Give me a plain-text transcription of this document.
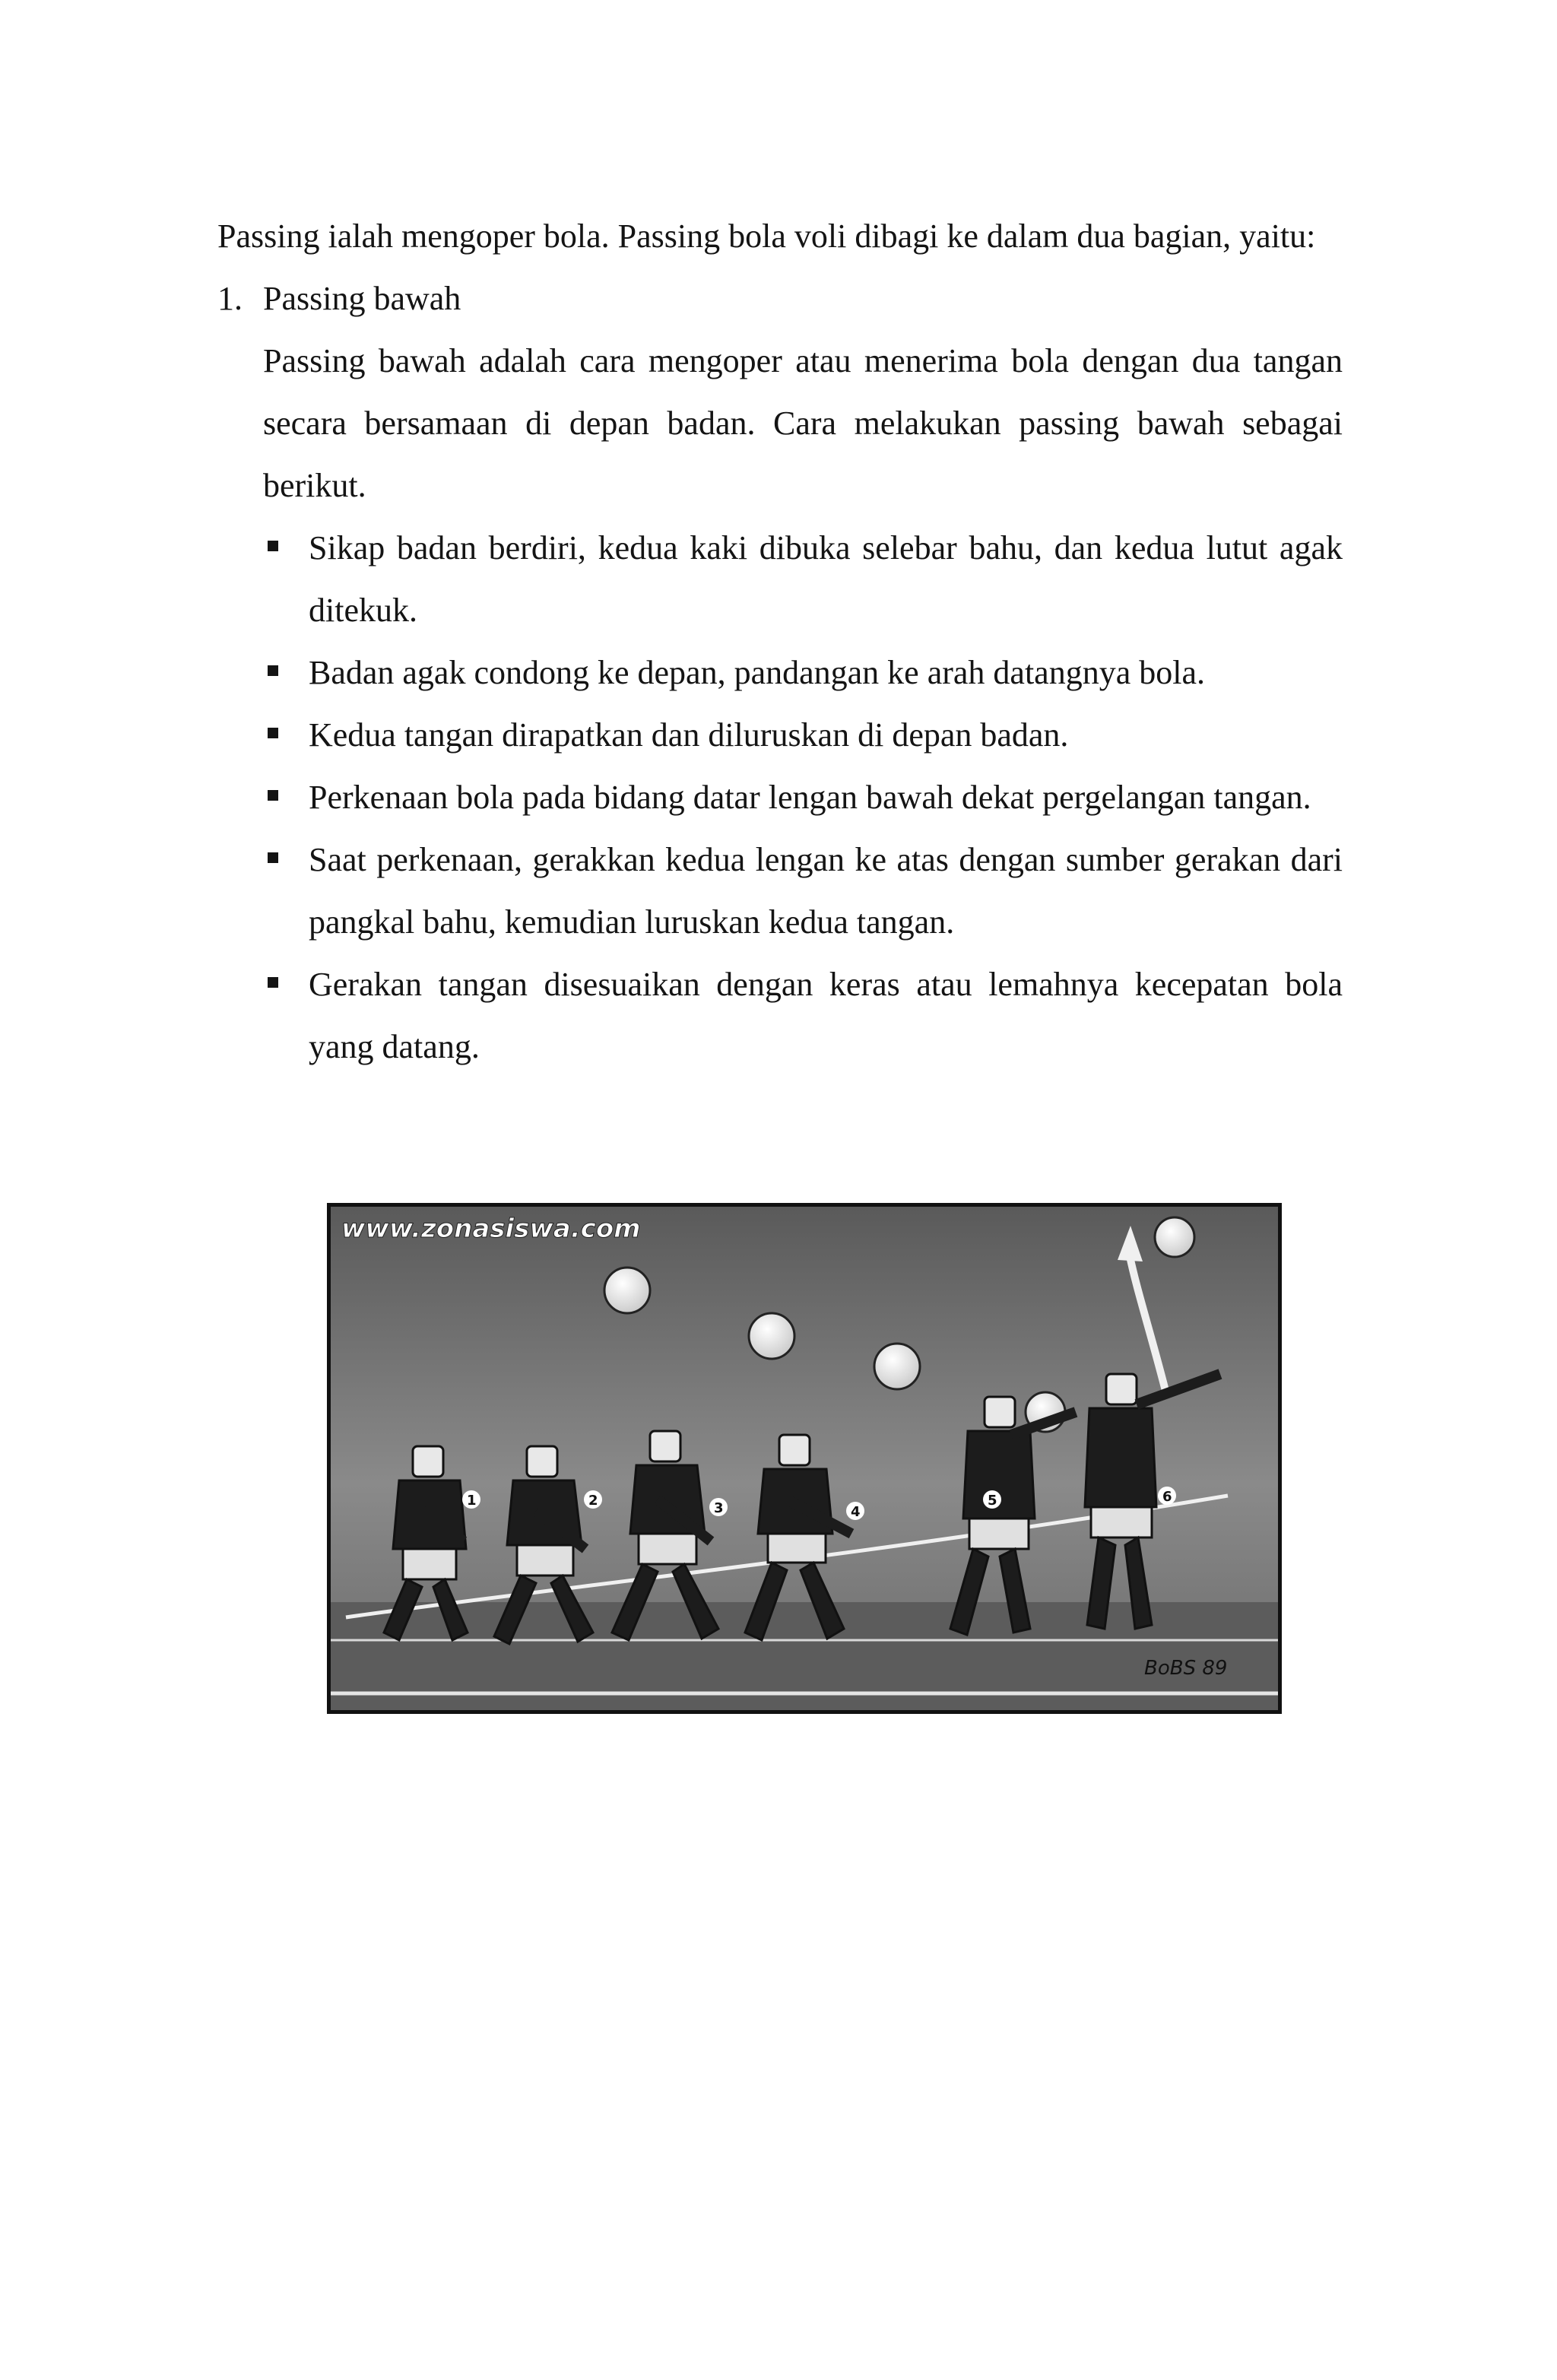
Passing ialah mengoper bola. Passing bola voli dibagi ke dalam dua bagian, yaitu:

1. Passing bawah

Passing bawah adalah cara mengoper atau menerima bola dengan dua tangan secara bersamaan di depan badan. Cara melakukan passing bawah sebagai berikut.

Sikap badan berdiri, kedua kaki dibuka selebar bahu, dan kedua lutut agak ditekuk.
Badan agak condong ke depan, pandangan ke arah datangnya bola.
Kedua tangan dirapatkan dan diluruskan di depan badan.
Perkenaan bola pada bidang datar lengan bawah dekat pergelangan tangan.
Saat perkenaan, gerakkan kedua lengan ke atas dengan sumber gerakan dari pangkal bahu, kemudian luruskan kedua tangan.
Gerakan tangan disesuaikan dengan keras atau lemahnya kecepatan bola yang datang.
www.zonasiswa.com
1	2	3	4
5	6
BoBS 89
